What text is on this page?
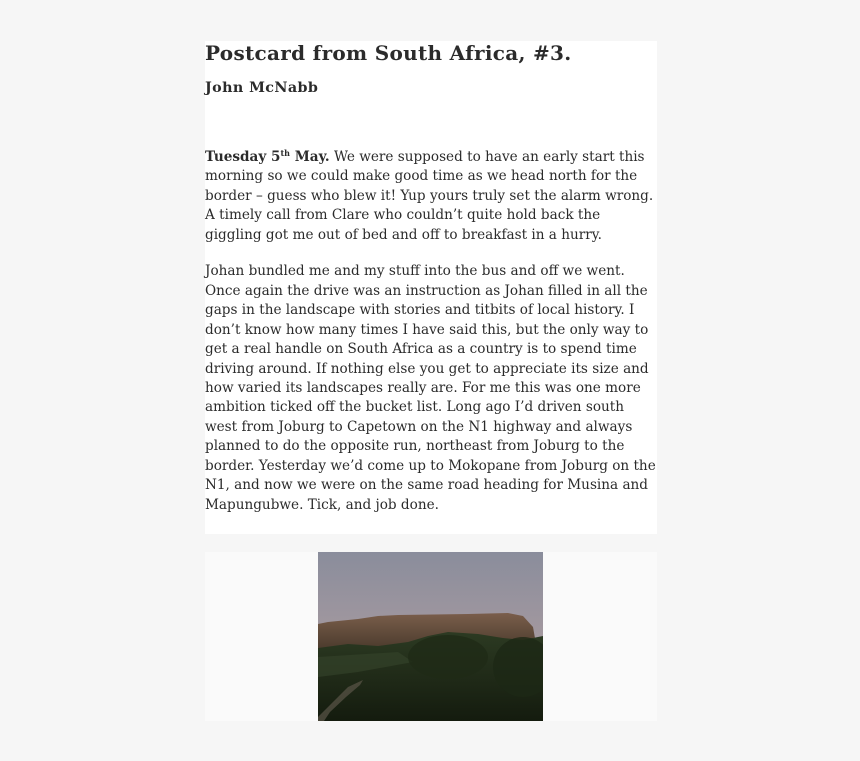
Postcard from South Africa, #3.
John McNabb

Tuesday 5th May. We were supposed to have an early start this morning so we could make good time as we head north for the border – guess who blew it! Yup yours truly set the alarm wrong. A timely call from Clare who couldn’t quite hold back the giggling got me out of bed and off to breakfast in a hurry.

Johan bundled me and my stuff into the bus and off we went. Once again the drive was an instruction as Johan filled in all the gaps in the landscape with stories and titbits of local history. I don’t know how many times I have said this, but the only way to get a real handle on South Africa as a country is to spend time driving around. If nothing else you get to appreciate its size and how varied its landscapes really are. For me this was one more ambition ticked off the bucket list. Long ago I’d driven south west from Joburg to Capetown on the N1 highway and always planned to do the opposite run, northeast from Joburg to the border. Yesterday we’d come up to Mokopane from Joburg on the N1, and now we were on the same road heading for Musina and Mapungubwe. Tick, and job done.
